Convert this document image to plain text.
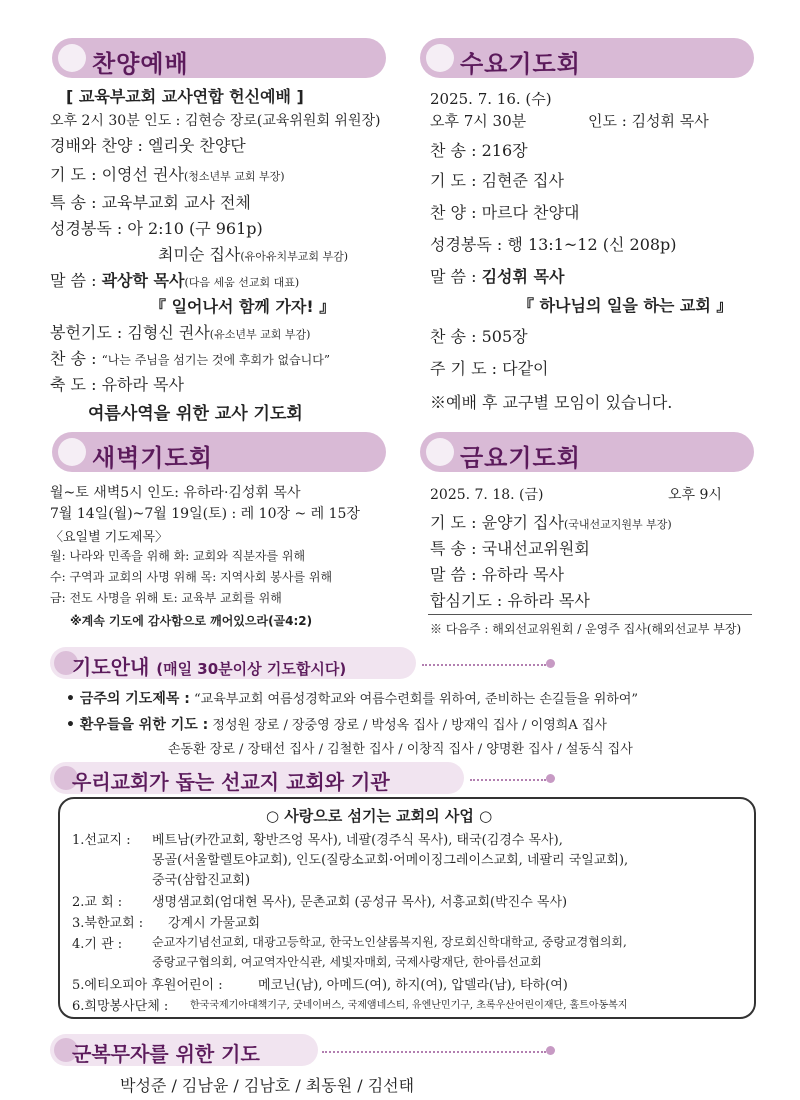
찬양예배
[ 교육부교회 교사연합 헌신예배 ]
오후 2시 30분 인도 : 김현승 장로(교육위원회 위원장)
경배와 찬양 : 엘리웃 찬양단
기 도 : 이영선 권사(청소년부 교회 부장)
특 송 : 교육부교회 교사 전체
성경봉독 : 아 2:10 (구 961p)
최미순 집사(유아유치부교회 부감)
말 씀 : 곽상학 목사(다음 세움 선교회 대표)
『 일어나서 함께 가자! 』
봉헌기도 : 김형신 권사(유소년부 교회 부감)
찬 송 : “나는 주님을 섬기는 것에 후회가 없습니다”
축 도 : 유하라 목사
여름사역을 위한 교사 기도회
새벽기도회
월~토 새벽5시 인도: 유하라·김성휘 목사
7월 14일(월)~7월 19일(토) : 레 10장 ~ 레 15장
〈요일별 기도제목〉
월: 나라와 민족을 위해 화: 교회와 직분자를 위해
수: 구역과 교회의 사명 위해 목: 지역사회 봉사를 위해
금: 전도 사명을 위해 토: 교육부 교회를 위해
※계속 기도에 감사함으로 깨어있으라(골4:2)
수요기도회
2025. 7. 16. (수)
오후 7시 30분	인도 : 김성휘 목사
찬 송 : 216장
기 도 : 김현준 집사
찬 양 : 마르다 찬양대
성경봉독 : 행 13:1~12 (신 208p)
말 씀 : 김성휘 목사
『 하나님의 일을 하는 교회 』
찬 송 : 505장
주 기 도 : 다같이
※예배 후 교구별 모임이 있습니다.
금요기도회
2025. 7. 18. (금)	오후 9시
기 도 : 윤양기 집사(국내선교지원부 부장)
특 송 : 국내선교위원회
말 씀 : 유하라 목사
합심기도 : 유하라 목사
※ 다음주 : 해외선교위원회 / 운영주 집사(해외선교부 부장)
기도안내 (매일 30분이상 기도합시다)
• 금주의 기도제목 : “교육부교회 여름성경학교와 여름수련회를 위하여, 준비하는 손길들을 위하여”
• 환우들을 위한 기도 : 정성원 장로 / 장중영 장로 / 박성옥 집사 / 방재익 집사 / 이영희A 집사
손동환 장로 / 장태선 집사 / 김철한 집사 / 이창직 집사 / 양명환 집사 / 설동식 집사
우리교회가 돕는 선교지 교회와 기관
○ 사랑으로 섬기는 교회의 사업 ○
1.선교지 : 베트남(카깐교회, 황반즈엉 목사), 네팔(경주식 목사), 태국(김경수 목사),
몽골(서울할렐토야교회), 인도(질랑소교회·어메이징그레이스교회, 네팔리 국일교회),
중국(삼합진교회)
2.교 회 : 생명샘교회(엄대현 목사), 문촌교회 (공성규 목사), 서흥교회(박진수 목사)
3.북한교회 : 강계시 가물교회
4.기 관 : 순교자기념선교회, 대광고등학교, 한국노인샬롬복지원, 장로회신학대학교, 중랑교경협의회,
중랑교구협의회, 여교역자안식관, 세빛자매회, 국제사랑재단, 한아름선교회
5.에티오피아 후원어린이 :	메코닌(남), 아메드(여), 하지(여), 압델라(남), 타하(여)
6.희망봉사단체 : 한국국제기아대책기구, 굿네이버스, 국제앰네스티, 유엔난민기구, 초록우산어린이재단, 홀트아동복지
군복무자를 위한 기도
박성준 / 김남윤 / 김남호 / 최동원 / 김선태
